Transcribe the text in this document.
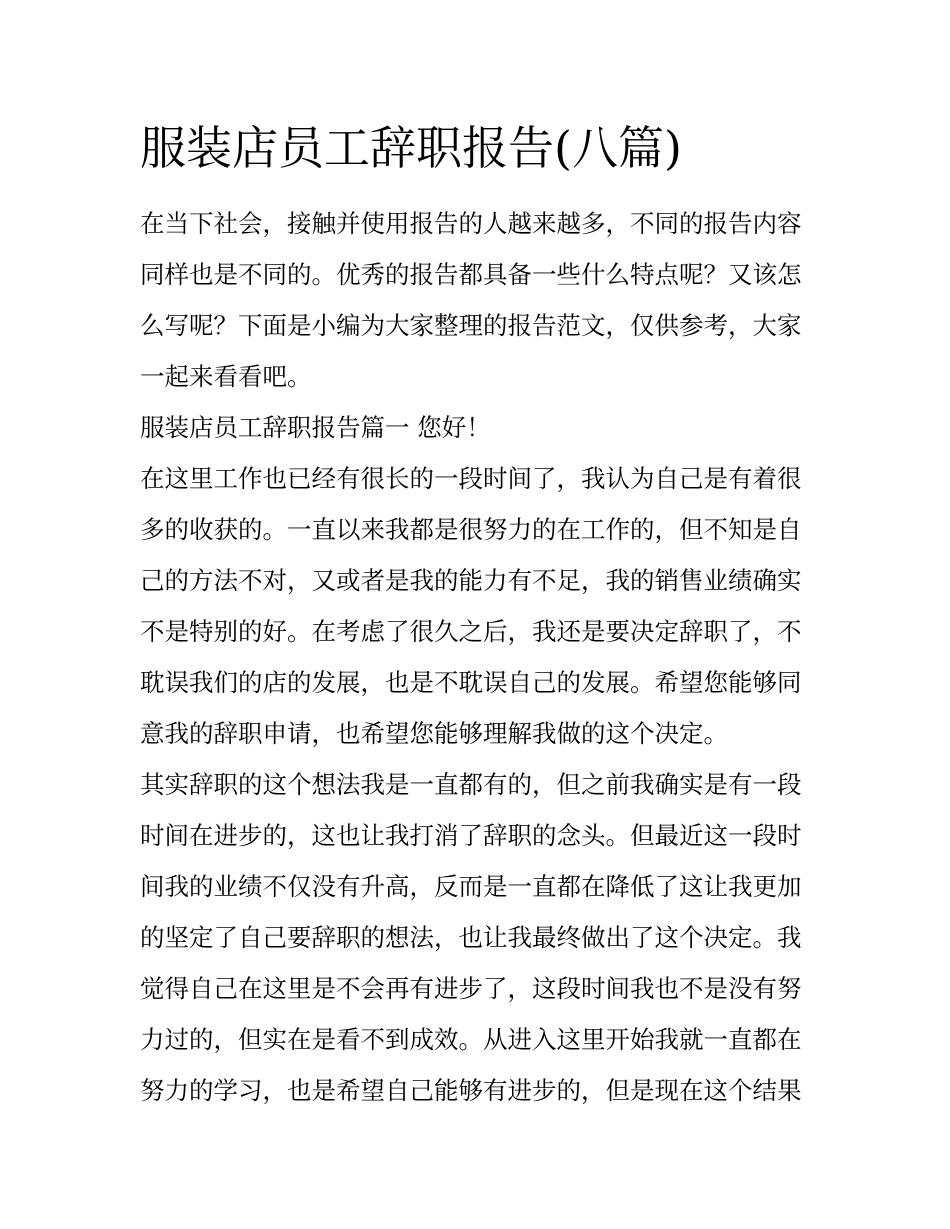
服装店员工辞职报告(八篇)
在当下社会，接触并使用报告的人越来越多，不同的报告内容
同样也是不同的。优秀的报告都具备一些什么特点呢？又该怎
么写呢？下面是小编为大家整理的报告范文，仅供参考，大家
一起来看看吧。
服装店员工辞职报告篇一 您好！
在这里工作也已经有很长的一段时间了，我认为自己是有着很
多的收获的。一直以来我都是很努力的在工作的，但不知是自
己的方法不对，又或者是我的能力有不足，我的销售业绩确实
不是特别的好。在考虑了很久之后，我还是要决定辞职了，不
耽误我们的店的发展，也是不耽误自己的发展。希望您能够同
意我的辞职申请，也希望您能够理解我做的这个决定。
其实辞职的这个想法我是一直都有的，但之前我确实是有一段
时间在进步的，这也让我打消了辞职的念头。但最近这一段时
间我的业绩不仅没有升高，反而是一直都在降低了这让我更加
的坚定了自己要辞职的想法，也让我最终做出了这个决定。我
觉得自己在这里是不会再有进步了，这段时间我也不是没有努
力过的，但实在是看不到成效。从进入这里开始我就一直都在
努力的学习，也是希望自己能够有进步的，但是现在这个结果
